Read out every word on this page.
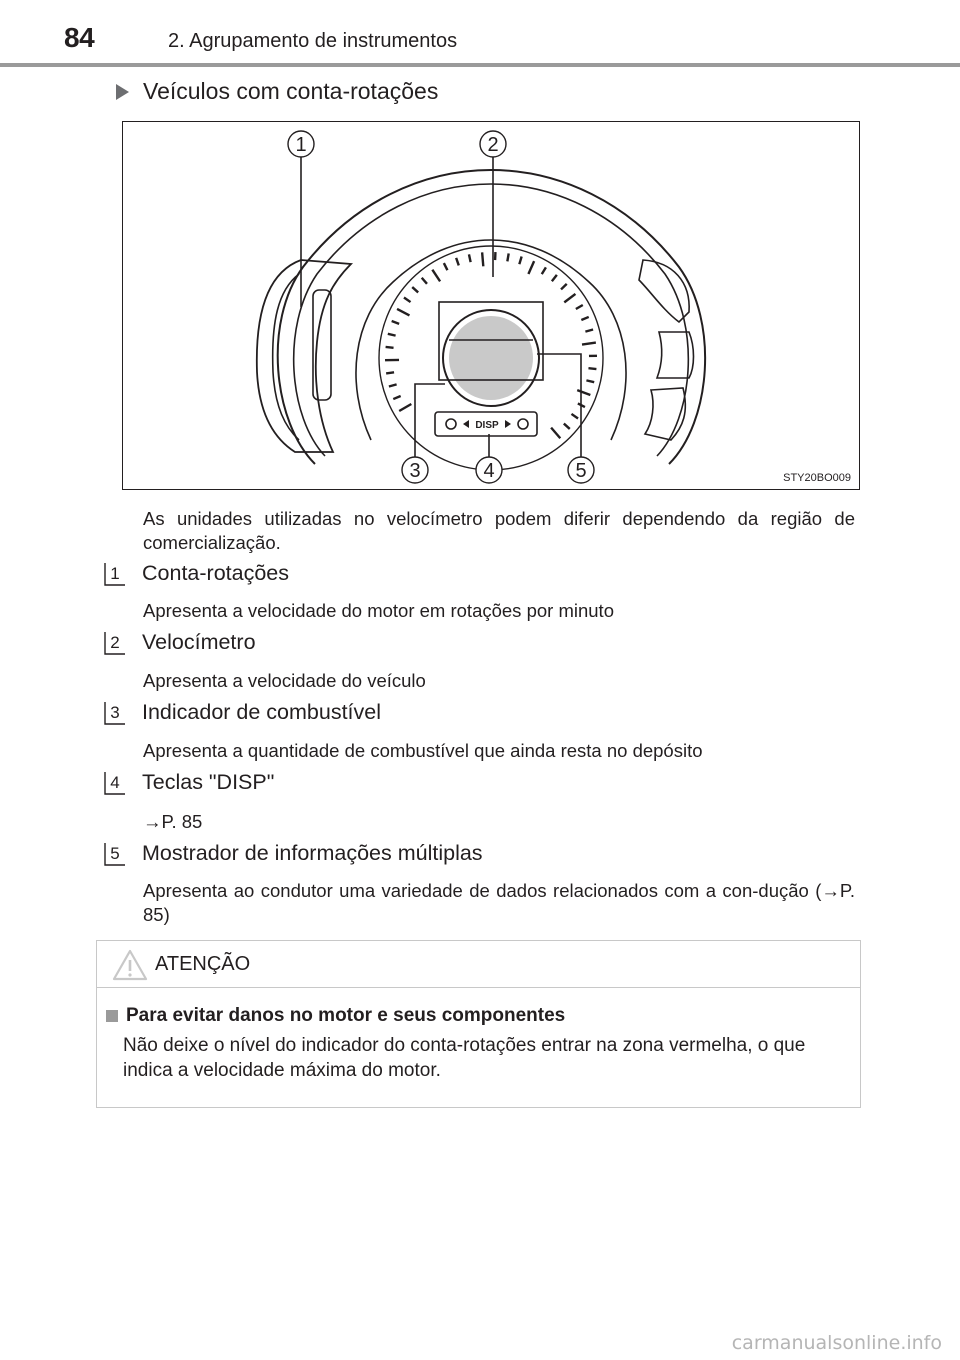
84	2. Agrupamento de instrumentos
Veículos com conta-rotações
DISP
1	2
3	4	5	STY20BO009
As unidades utilizadas no velocímetro podem diferir dependendo da região de comercialização.
1 Conta-rotações
Apresenta a velocidade do motor em rotações por minuto
2 Velocímetro
Apresenta a velocidade do veículo
3 Indicador de combustível
Apresenta a quantidade de combustível que ainda resta no depósito
4 Teclas "DISP"
→P. 85
5 Mostrador de informações múltiplas
Apresenta ao condutor uma variedade de dados relacionados com a con-dução (→P. 85)
ATENÇÃO
Para evitar danos no motor e seus componentes
Não deixe o nível do indicador do conta-rotações entrar na zona vermelha, o que indica a velocidade máxima do motor.
carmanualsonline.info
